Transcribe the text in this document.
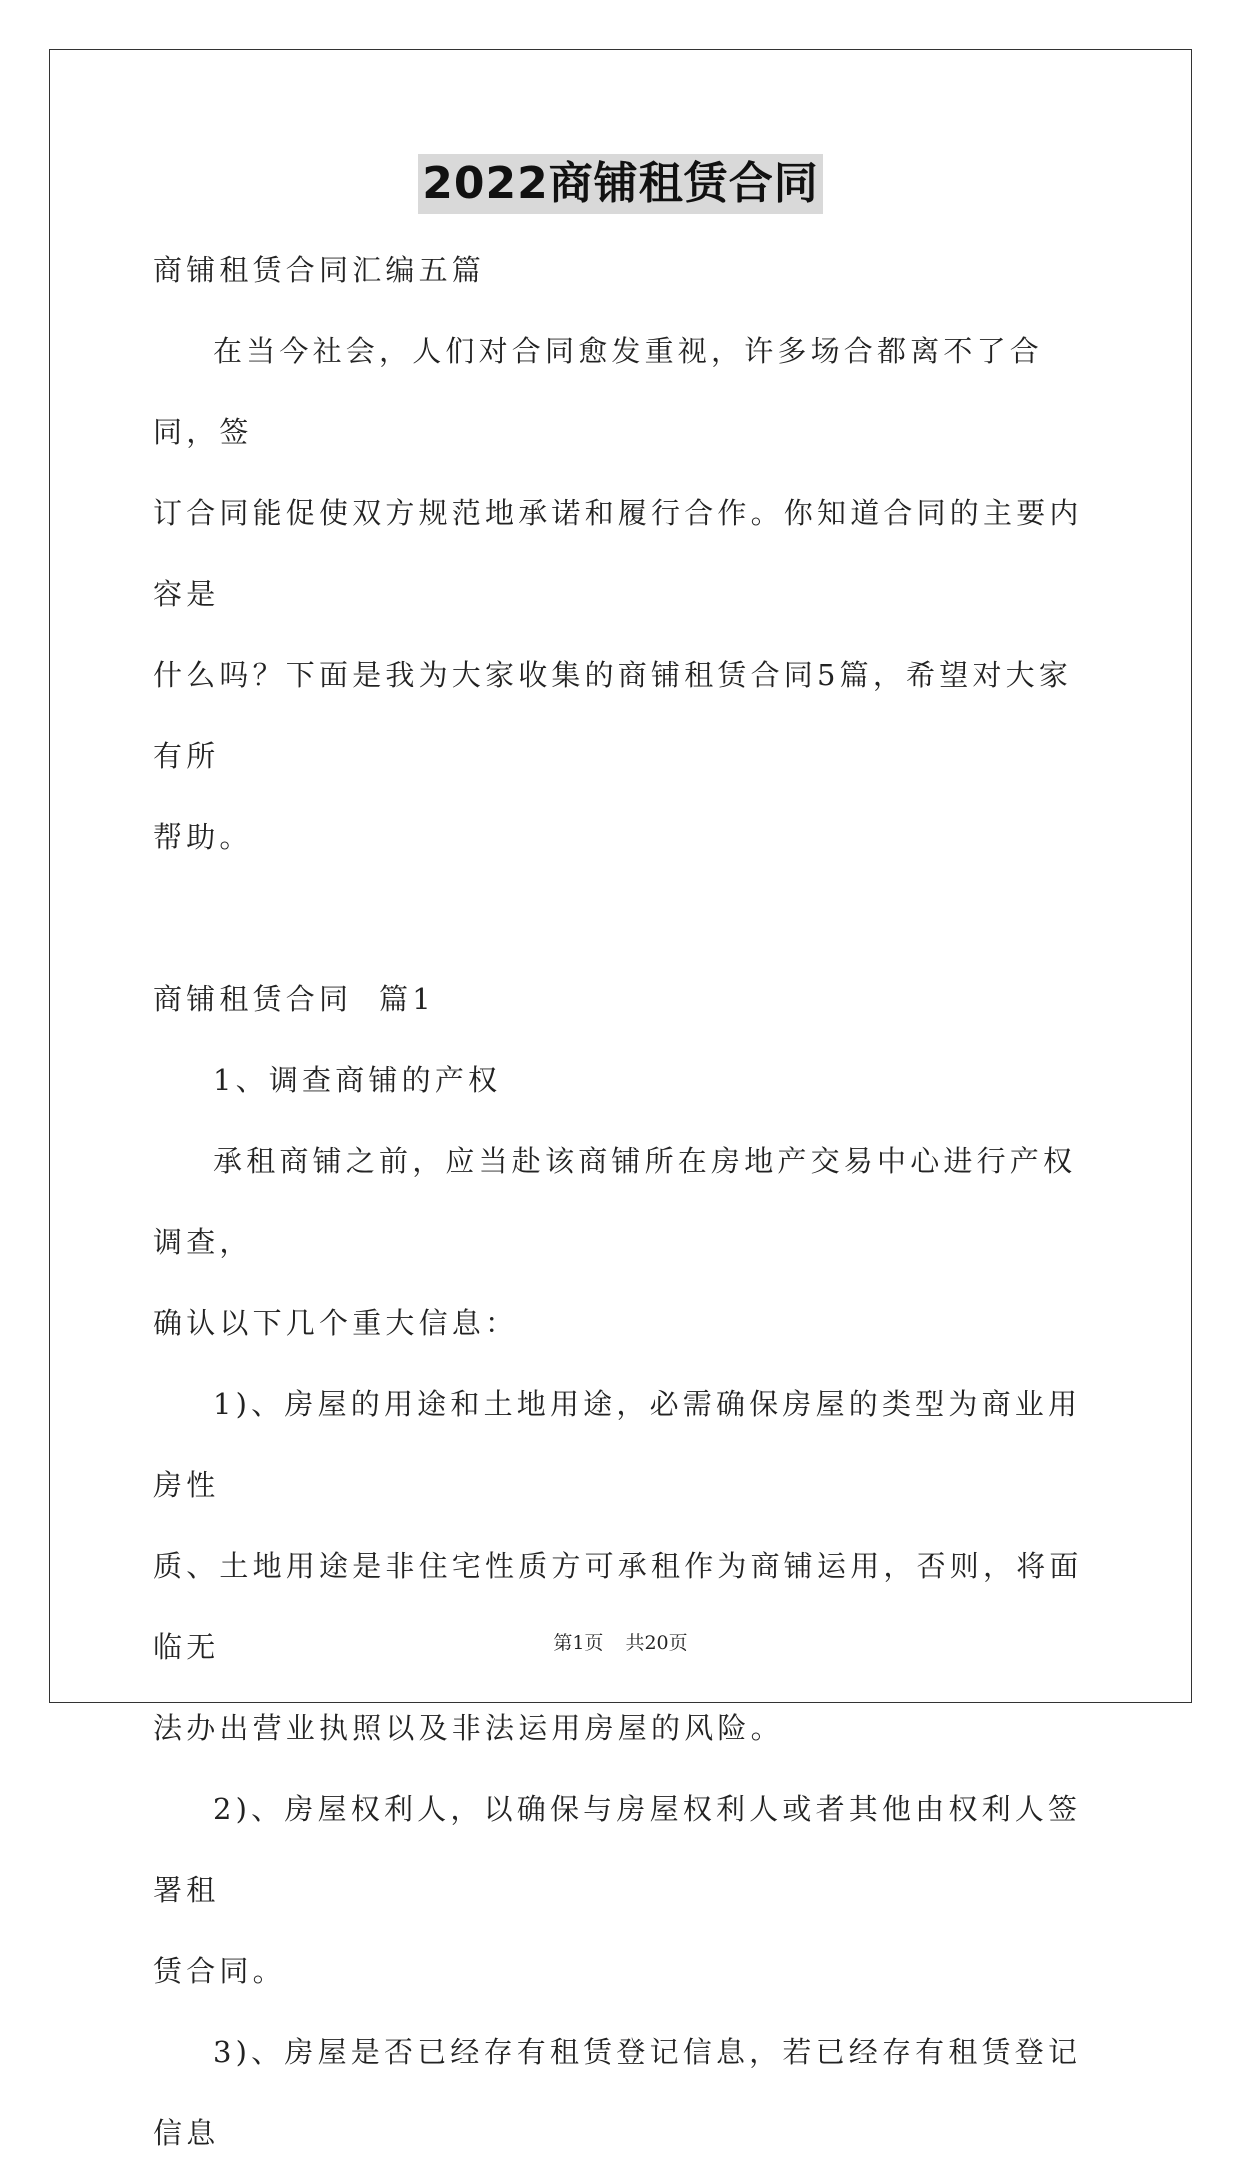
2022商铺租赁合同

商铺租赁合同汇编五篇

在当今社会，人们对合同愈发重视，许多场合都离不了合同，签

订合同能促使双方规范地承诺和履行合作。你知道合同的主要内容是

什么吗？下面是我为大家收集的商铺租赁合同5篇，希望对大家有所

帮助。

商铺租赁合同  篇1

1、调查商铺的产权

承租商铺之前，应当赴该商铺所在房地产交易中心进行产权调查，

确认以下几个重大信息：

1)、房屋的用途和土地用途，必需确保房屋的类型为商业用房性

质、土地用途是非住宅性质方可承租作为商铺运用，否则，将面临无

法办出营业执照以及非法运用房屋的风险。

2)、房屋权利人，以确保与房屋权利人或者其他由权利人签署租

赁合同。

3)、房屋是否已经存有租赁登记信息，若已经存有租赁登记信息

第1页 共20页
